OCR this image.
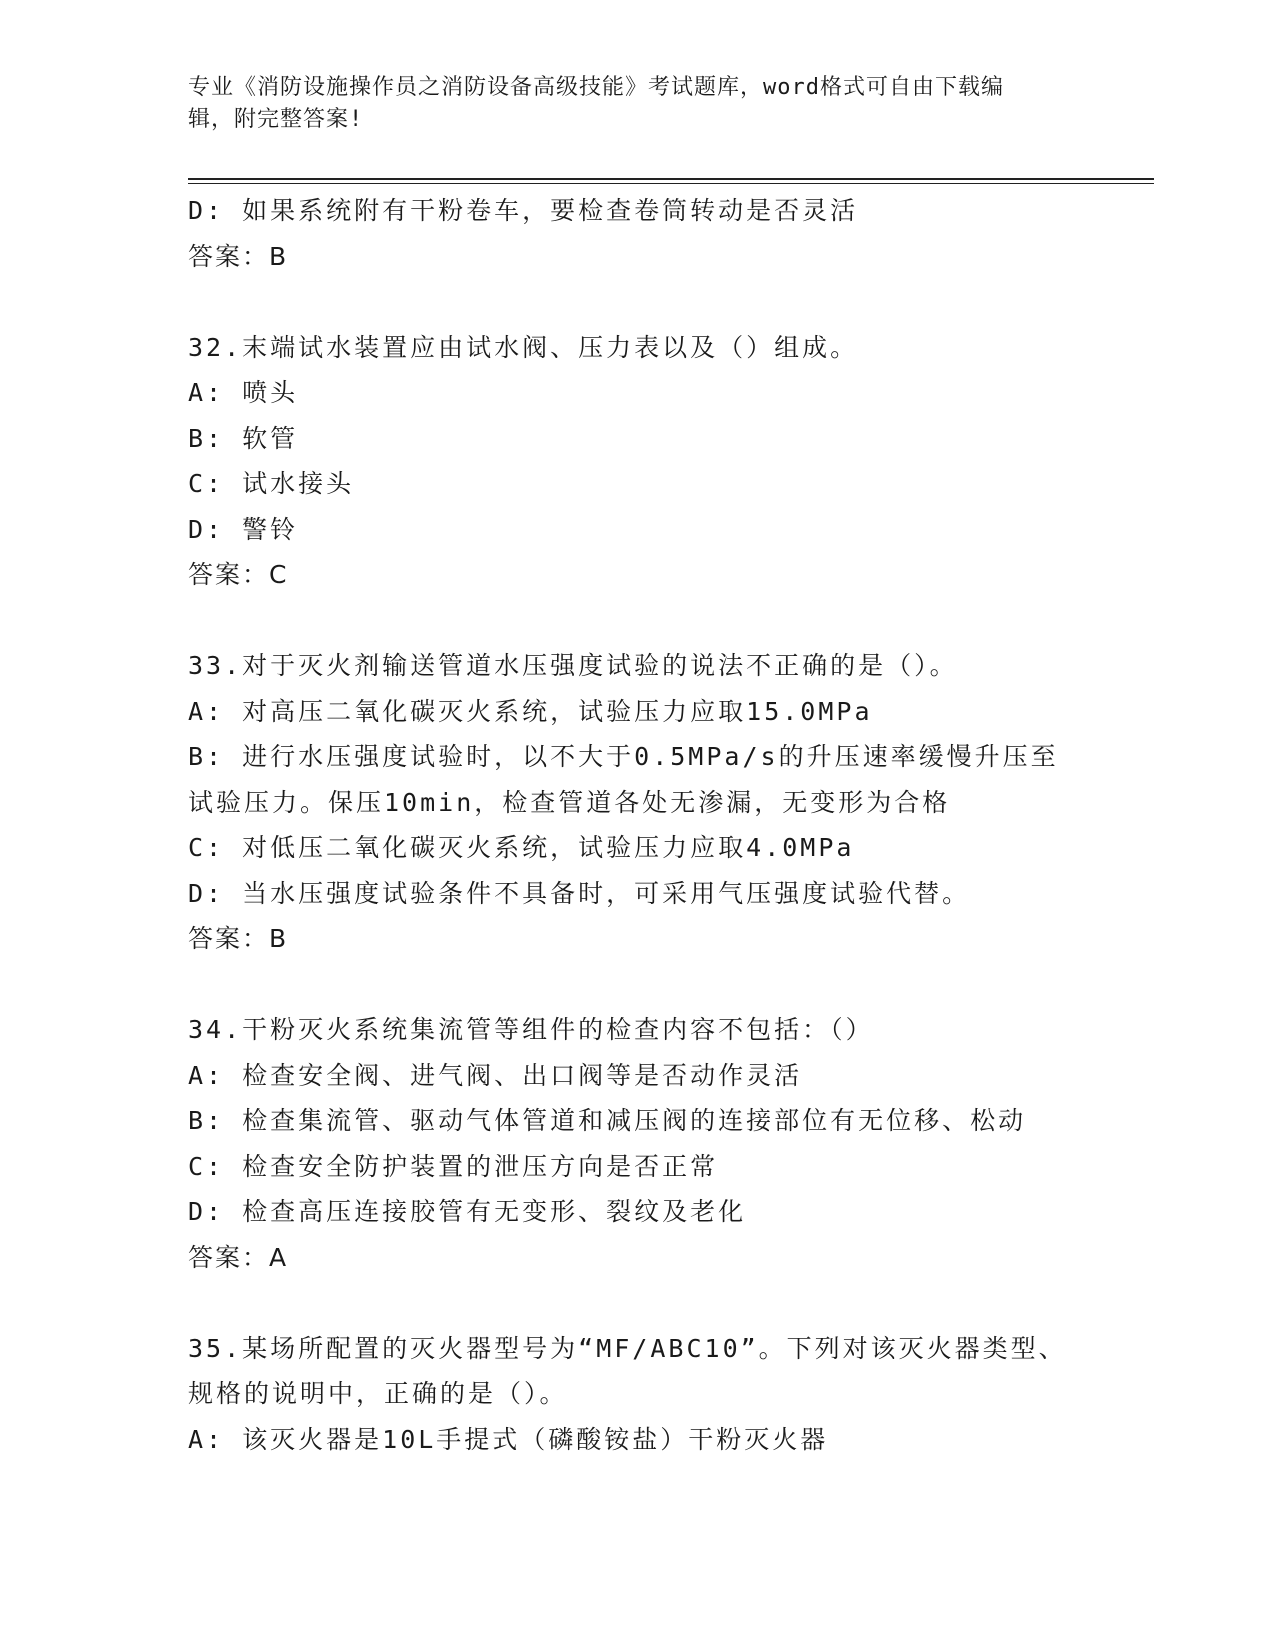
专业《消防设施操作员之消防设备高级技能》考试题库，word格式可自由下载编
辑，附完整答案!
D: 如果系统附有干粉卷车，要检查卷筒转动是否灵活
答案：B
32.末端试水装置应由试水阀、压力表以及（）组成。
A: 喷头
B: 软管
C: 试水接头
D: 警铃
答案：C
33.对于灭火剂输送管道水压强度试验的说法不正确的是（）。
A: 对高压二氧化碳灭火系统，试验压力应取15.0MPa
B: 进行水压强度试验时，以不大于0.5MPa/s的升压速率缓慢升压至
试验压力。保压10min，检查管道各处无渗漏，无变形为合格
C: 对低压二氧化碳灭火系统，试验压力应取4.0MPa
D: 当水压强度试验条件不具备时，可采用气压强度试验代替。
答案：B
34.干粉灭火系统集流管等组件的检查内容不包括：（）
A: 检查安全阀、进气阀、出口阀等是否动作灵活
B: 检查集流管、驱动气体管道和减压阀的连接部位有无位移、松动
C: 检查安全防护装置的泄压方向是否正常
D: 检查高压连接胶管有无变形、裂纹及老化
答案：A
35.某场所配置的灭火器型号为“MF/ABC10”。下列对该灭火器类型、
规格的说明中，正确的是（）。
A: 该灭火器是10L手提式（磷酸铵盐）干粉灭火器
